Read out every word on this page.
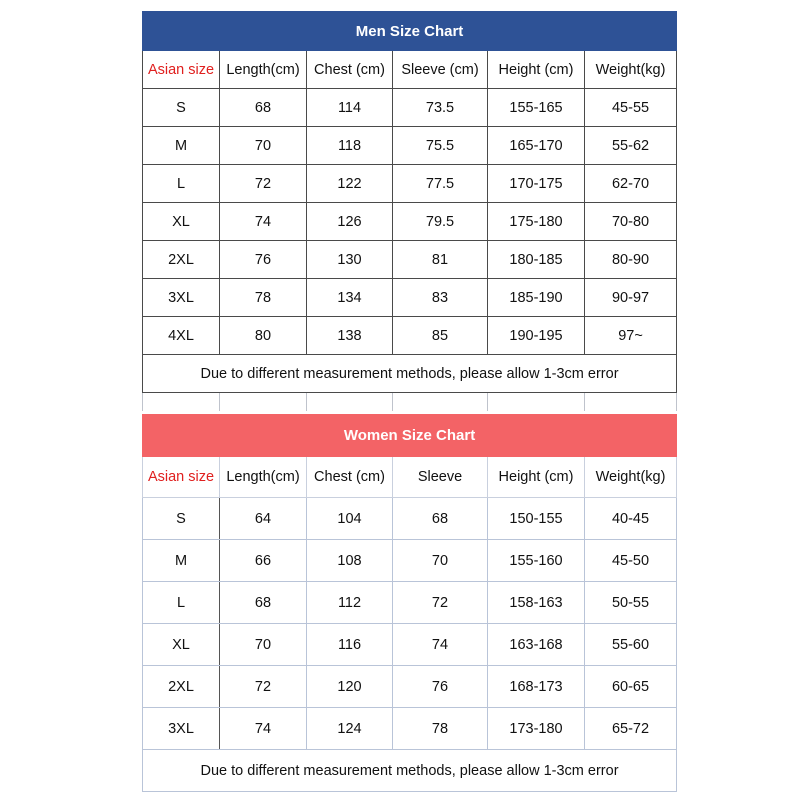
Men Size Chart					
Asian size	Length(cm)	Chest (cm)	Sleeve (cm)	Height (cm)	Weight(kg)
S	68	114	73.5	155-165	45-55
M	70	118	75.5	165-170	55-62
L	72	122	77.5	170-175	62-70
XL	74	126	79.5	175-180	70-80
2XL	76	130	81	180-185	80-90
3XL	78	134	83	185-190	90-97
4XL	80	138	85	190-195	97~
Due to different measurement methods, please allow 1-3cm error					

Women Size Chart					
Asian size	Length(cm)	Chest (cm)	Sleeve	Height (cm)	Weight(kg)
S	64	104	68	150-155	40-45
M	66	108	70	155-160	45-50
L	68	112	72	158-163	50-55
XL	70	116	74	163-168	55-60
2XL	72	120	76	168-173	60-65
3XL	74	124	78	173-180	65-72
Due to different measurement methods, please allow 1-3cm error					
